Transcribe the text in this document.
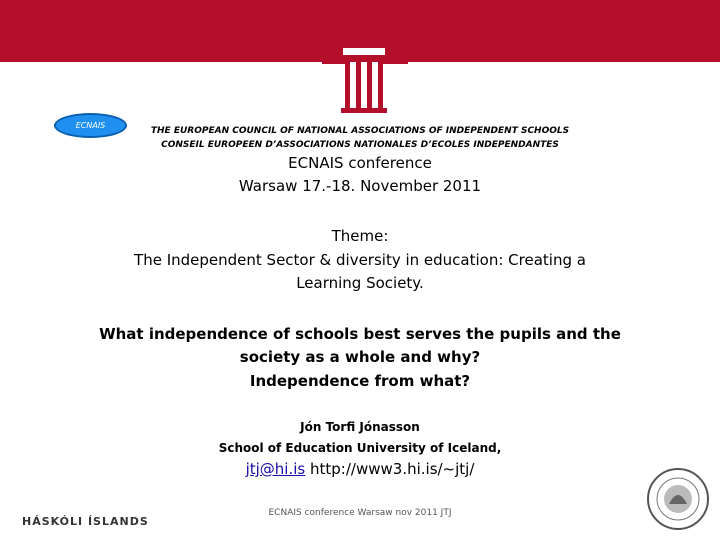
ECNAIS
THE EUROPEAN COUNCIL OF NATIONAL ASSOCIATIONS OF INDEPENDENT SCHOOLS
CONSEIL EUROPEEN D’ASSOCIATIONS NATIONALES D’ECOLES INDEPENDANTES
ECNAIS conference
Warsaw 17.-18. November 2011
Theme:
The Independent Sector & diversity in education: Creating a
Learning Society.
What independence of schools best serves the pupils and the
society as a whole and why?
Independence from what?
Jón Torfi Jónasson
School of Education University of Iceland,
jtj@hi.is http://www3.hi.is/~jtj/
ECNAIS conference Warsaw nov 2011 JTJ
HÁSKÓLI ÍSLANDS
